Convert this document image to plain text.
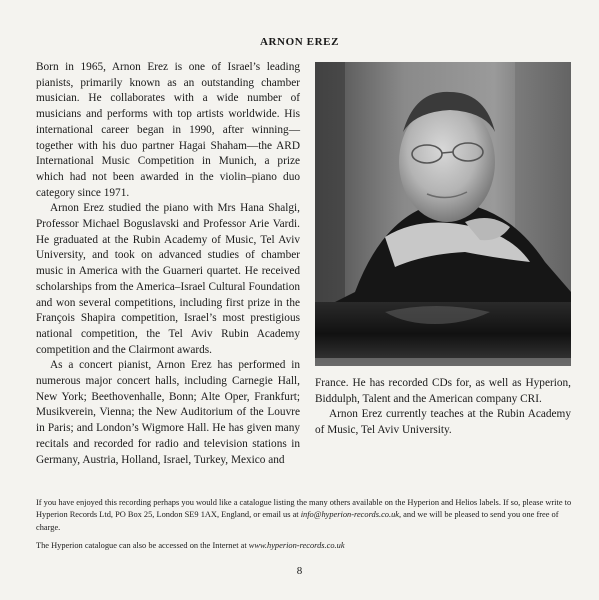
ARNON EREZ

Born in 1965, Arnon Erez is one of Israel’s leading pianists, primarily known as an outstanding chamber musician. He collaborates with a wide number of musicians and performs with top artists worldwide. His international career began in 1990, after winning—together with his duo partner Hagai Shaham—the ARD International Music Competition in Munich, a prize which had not been awarded in the violin–piano duo category since 1971.

Arnon Erez studied the piano with Mrs Hana Shalgi, Professor Michael Boguslavski and Professor Arie Vardi. He graduated at the Rubin Academy of Music, Tel Aviv University, and took on advanced studies of chamber music in America with the Guarneri quartet. He received scholarships from the America–Israel Cultural Foundation and won several competitions, including first prize in the François Shapira competition, Israel’s most prestigious national competition, the Tel Aviv Rubin Academy competition and the Clairmont awards.

As a concert pianist, Arnon Erez has performed in numerous major concert halls, including Carnegie Hall, New York; Beethovenhalle, Bonn; Alte Oper, Frankfurt; Musikverein, Vienna; the New Auditorium of the Louvre in Paris; and London’s Wigmore Hall. He has given many recitals and recorded for radio and television stations in Germany, Austria, Holland, Israel, Turkey, Mexico and

France. He has recorded CDs for, as well as Hyperion, Biddulph, Talent and the American company CRI.

Arnon Erez currently teaches at the Rubin Academy of Music, Tel Aviv University.

If you have enjoyed this recording perhaps you would like a catalogue listing the many others available on the Hyperion and Helios labels. If so, please write to Hyperion Records Ltd, PO Box 25, London SE9 1AX, England, or email us at info@hyperion-records.co.uk, and we will be pleased to send you one free of charge.

The Hyperion catalogue can also be accessed on the Internet at www.hyperion-records.co.uk

8
